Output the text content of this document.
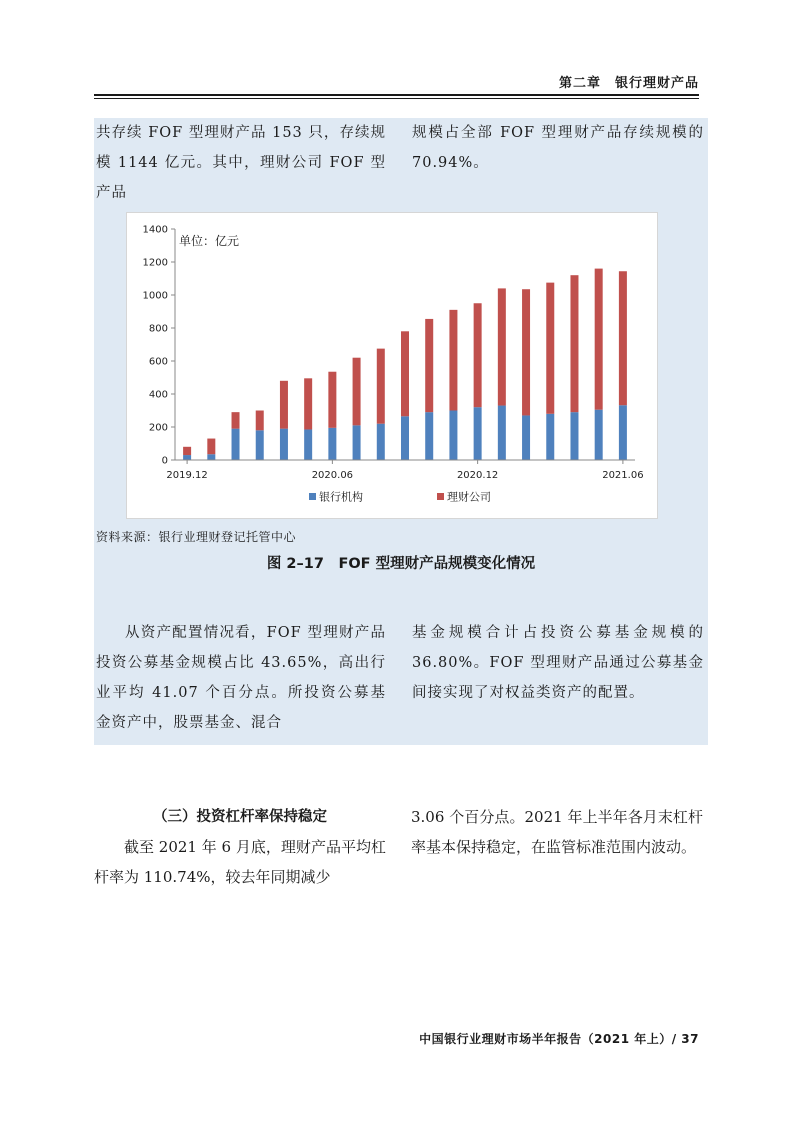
第二章　银行理财产品

共存续 FOF 型理财产品 153 只，存续规模 1144 亿元。其中，理财公司 FOF 型产品

规模占全部 FOF 型理财产品存续规模的 70.94%。

单位：亿元
0
200
400
600
800
1000
1200
1400
2019.12	2020.06	2020.12	2021.06
银行机构	理财公司
资料来源：银行业理财登记托管中心
图 2–17　FOF 型理财产品规模变化情况

从资产配置情况看，FOF 型理财产品投资公募基金规模占比 43.65%，高出行业平均 41.07 个百分点。所投资公募基金资产中，股票基金、混合

基金规模合计占投资公募基金规模的 36.80%。FOF 型理财产品通过公募基金间接实现了对权益类资产的配置。

（三）投资杠杆率保持稳定

截至 2021 年 6 月底，理财产品平均杠杆率为 110.74%，较去年同期减少

3.06 个百分点。2021 年上半年各月末杠杆率基本保持稳定，在监管标准范围内波动。

中国银行业理财市场半年报告（2021 年上）/ 37
